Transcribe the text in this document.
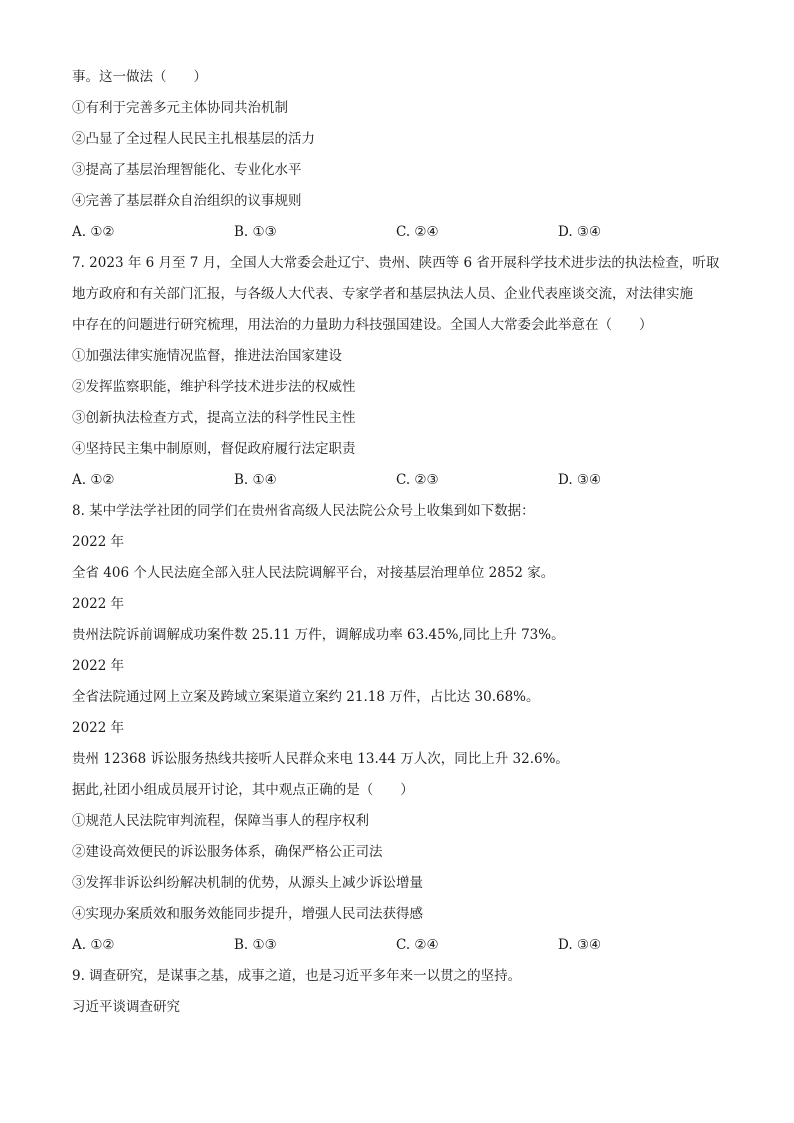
事。这一做法（　　）
①有利于完善多元主体协同共治机制
②凸显了全过程人民民主扎根基层的活力
③提高了基层治理智能化、专业化水平
④完善了基层群众自治组织的议事规则
A. ①②	B. ①③	C. ②④	D. ③④
7. 2023 年 6 月至 7 月，全国人大常委会赴辽宁、贵州、陕西等 6 省开展科学技术进步法的执法检查，听取
地方政府和有关部门汇报，与各级人大代表、专家学者和基层执法人员、企业代表座谈交流，对法律实施
中存在的问题进行研究梳理，用法治的力量助力科技强国建设。全国人大常委会此举意在（　　）
①加强法律实施情况监督，推进法治国家建设
②发挥监察职能，维护科学技术进步法的权威性
③创新执法检查方式，提高立法的科学性民主性
④坚持民主集中制原则，督促政府履行法定职责
A. ①②	B. ①④	C. ②③	D. ③④
8. 某中学法学社团的同学们在贵州省高级人民法院公众号上收集到如下数据：
2022 年
全省 406 个人民法庭全部入驻人民法院调解平台，对接基层治理单位 2852 家。
2022 年
贵州法院诉前调解成功案件数 25.11 万件，调解成功率 63.45%,同比上升 73%。
2022 年
全省法院通过网上立案及跨域立案渠道立案约 21.18 万件，占比达 30.68%。
2022 年
贵州 12368 诉讼服务热线共接听人民群众来电 13.44 万人次，同比上升 32.6%。
据此,社团小组成员展开讨论，其中观点正确的是（　　）
①规范人民法院审判流程，保障当事人的程序权利
②建设高效便民的诉讼服务体系，确保严格公正司法
③发挥非诉讼纠纷解决机制的优势，从源头上减少诉讼增量
④实现办案质效和服务效能同步提升，增强人民司法获得感
A. ①②	B. ①③	C. ②④	D. ③④
9. 调查研究，是谋事之基，成事之道，也是习近平多年来一以贯之的坚持。
习近平谈调查研究
